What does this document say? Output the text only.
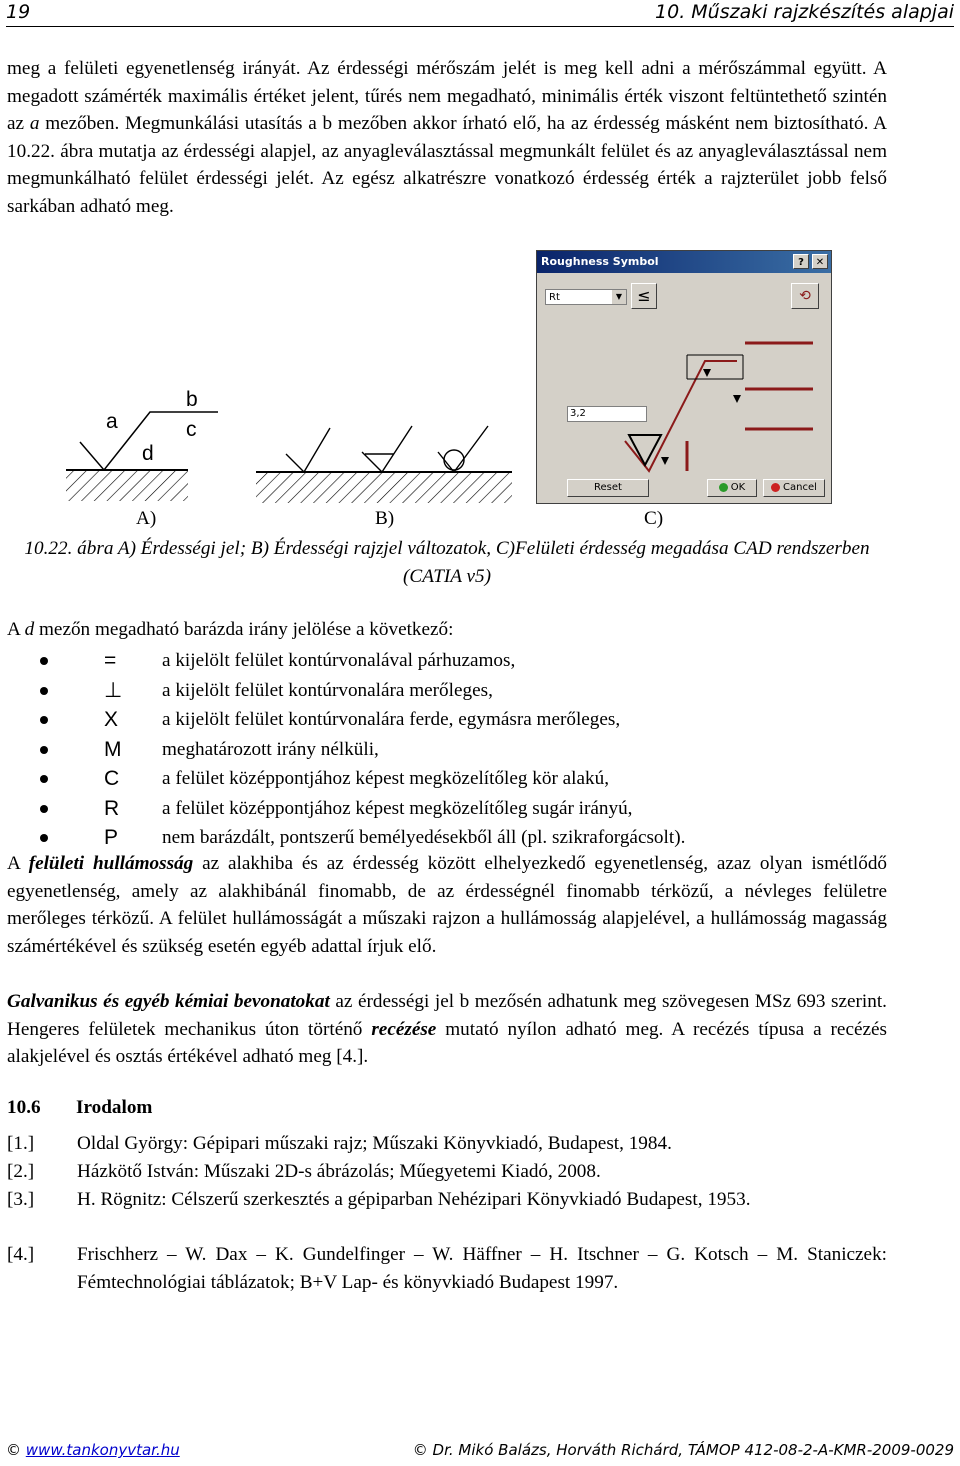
19	10. Műszaki rajzkészítés alapjai

meg a felületi egyenetlenség irányát. Az érdességi mérőszám jelét is meg kell adni a mérőszámmal együtt. A megadott számérték maximális értéket jelent, tűrés nem megadható, minimális érték viszont feltüntethető szintén az a mezőben. Megmunkálási utasítás a b mezőben akkor írható elő, ha az érdesség másként nem biztosítható. A 10.22. ábra mutatja az érdességi alapjel, az anyagleválasztással megmunkált felület és az anyagleválasztással nem megmunkálható felület érdességi jelét. Az egész alkatrészre vonatkozó érdesség érték a rajzterület jobb felső sarkában adható meg.

a
b
c
d
Roughness Symbol	?	✕
Rt	▼ ≤	⟲
3,2
Reset	OK	Cancel
A)	B)	C)

10.22. ábra A) Érdességi jel; B) Érdességi rajzjel változatok, C)Felületi érdesség megadása CAD rendszerben (CATIA v5)

A d mezőn megadható barázda irány jelölése a következő:

= a kijelölt felület kontúrvonalával párhuzamos,
⊥ a kijelölt felület kontúrvonalára merőleges,
X a kijelölt felület kontúrvonalára ferde, egymásra merőleges,
M meghatározott irány nélküli,
C a felület középpontjához képest megközelítőleg kör alakú,
R a felület középpontjához képest megközelítőleg sugár irányú,
P nem barázdált, pontszerű bemélyedésekből áll (pl. szikraforgácsolt).

A felületi hullámosság az alakhiba és az érdesség között elhelyezkedő egyenetlenség, azaz olyan ismétlődő egyenetlenség, amely az alakhibánál finomabb, de az érdességnél finomabb térközű, a névleges felületre merőleges térközű. A felület hullámosságát a műszaki rajzon a hullámosság alapjelével, a hullámosság magasság számértékével és szükség esetén egyéb adattal írjuk elő.

Galvanikus és egyéb kémiai bevonatokat az érdességi jel b mezősén adhatunk meg szövegesen MSz 693 szerint. Hengeres felületek mechanikus úton történő recézése mutató nyílon adható meg. A recézés típusa a recézés alakjelével és osztás értékével adható meg [4.].

10.6 Irodalom
[1.] Oldal György: Gépipari műszaki rajz; Műszaki Könyvkiadó, Budapest, 1984.
[2.] Házkötő István: Műszaki 2D-s ábrázolás; Műegyetemi Kiadó, 2008.
[3.] H. Rögnitz: Célszerű szerkesztés a gépiparban Nehézipari Könyvkiadó Budapest, 1953.
[4.] Frischherz – W. Dax – K. Gundelfinger – W. Häffner – H. Itschner – G. Kotsch – M. Staniczek: Fémtechnológiai táblázatok; B+V Lap- és könyvkiadó Budapest 1997.
© www.tankonyvtar.hu	© Dr. Mikó Balázs, Horváth Richárd, TÁMOP 412-08-2-A-KMR-2009-0029
